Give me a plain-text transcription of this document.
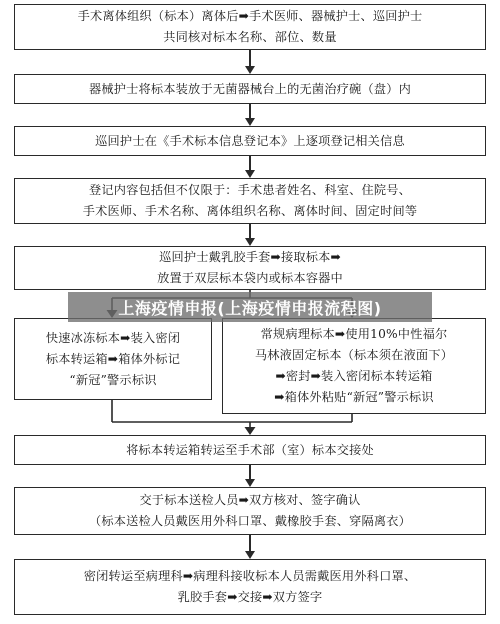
手术离体组织（标本）离体后➡手术医师、器械护士、巡回护士
共同核对标本名称、部位、数量
器械护士将标本装放于无菌器械台上的无菌治疗碗（盘）内
巡回护士在《手术标本信息登记本》上逐项登记相关信息
登记内容包括但不仅限于：手术患者姓名、科室、住院号、
手术医师、手术名称、离体组织名称、离体时间、固定时间等
巡回护士戴乳胶手套➡接取标本➡
放置于双层标本袋内或标本容器中
快速冰冻标本➡装入密闭
标本转运箱➡箱体外标记
“新冠”警示标识
常规病理标本➡使用10%中性福尔
马林液固定标本（标本须在液面下）
➡密封➡装入密闭标本转运箱
➡箱体外粘贴“新冠”警示标识
将标本转运箱转运至手术部（室）标本交接处
交于标本送检人员➡双方核对、签字确认
（标本送检人员戴医用外科口罩、戴橡胶手套、穿隔离衣）
密闭转运至病理科➡病理科接收标本人员需戴医用外科口罩、
乳胶手套➡交接➡双方签字
上海疫情申报(上海疫情申报流程图)
